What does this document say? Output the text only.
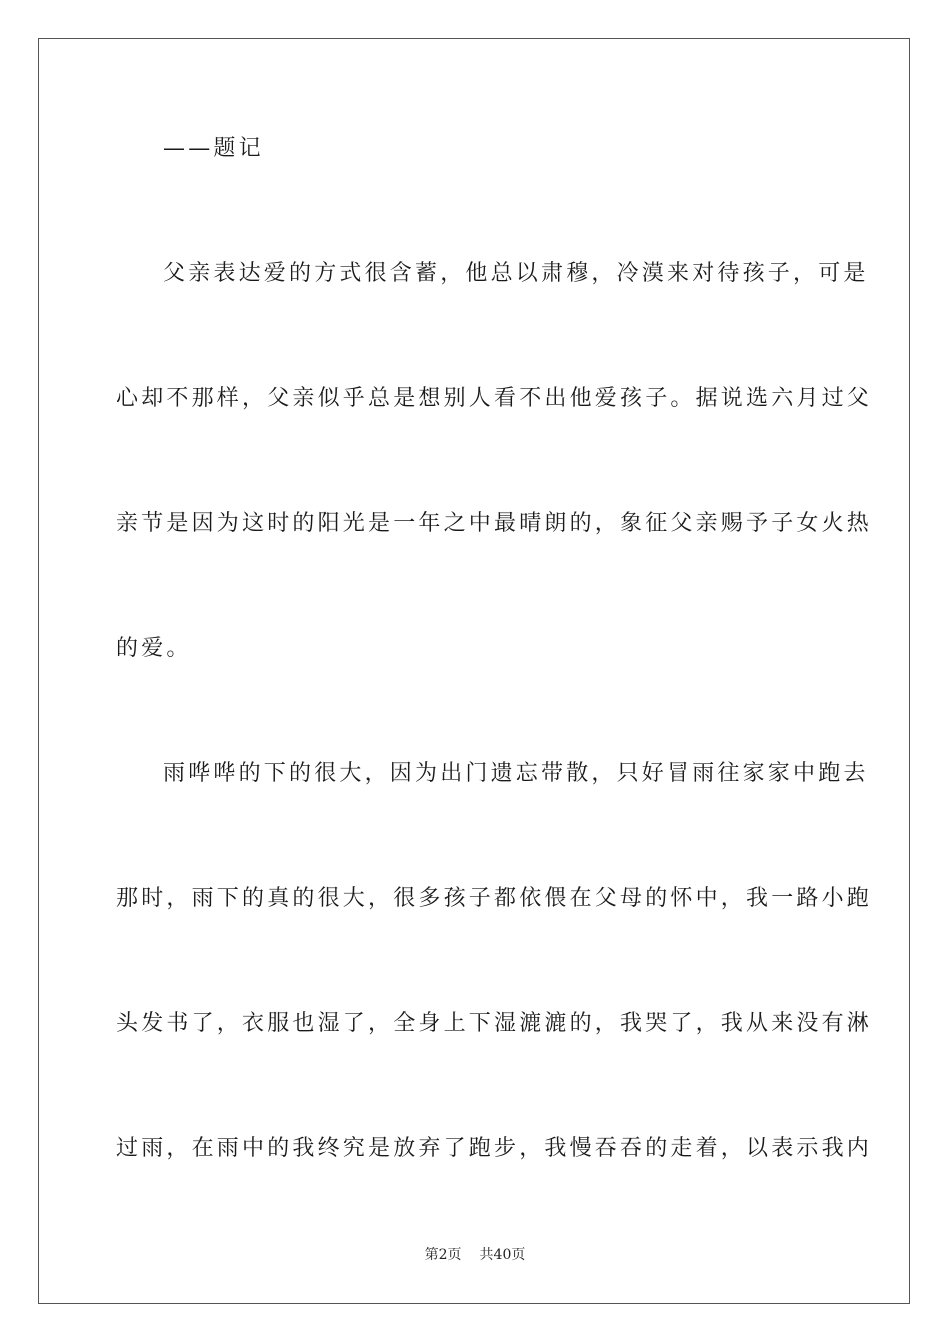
——题记
父亲表达爱的方式很含蓄，他总以肃穆，冷漠来对待孩子，可是
心却不那样，父亲似乎总是想别人看不出他爱孩子。据说选六月过父
亲节是因为这时的阳光是一年之中最晴朗的，象征父亲赐予子女火热
的爱。
雨哗哗的下的很大，因为出门遗忘带散，只好冒雨往家家中跑去
那时，雨下的真的很大，很多孩子都依偎在父母的怀中，我一路小跑
头发书了，衣服也湿了，全身上下湿漉漉的，我哭了，我从来没有淋
过雨，在雨中的我终究是放弃了跑步，我慢吞吞的走着，以表示我内
第2页 共40页
